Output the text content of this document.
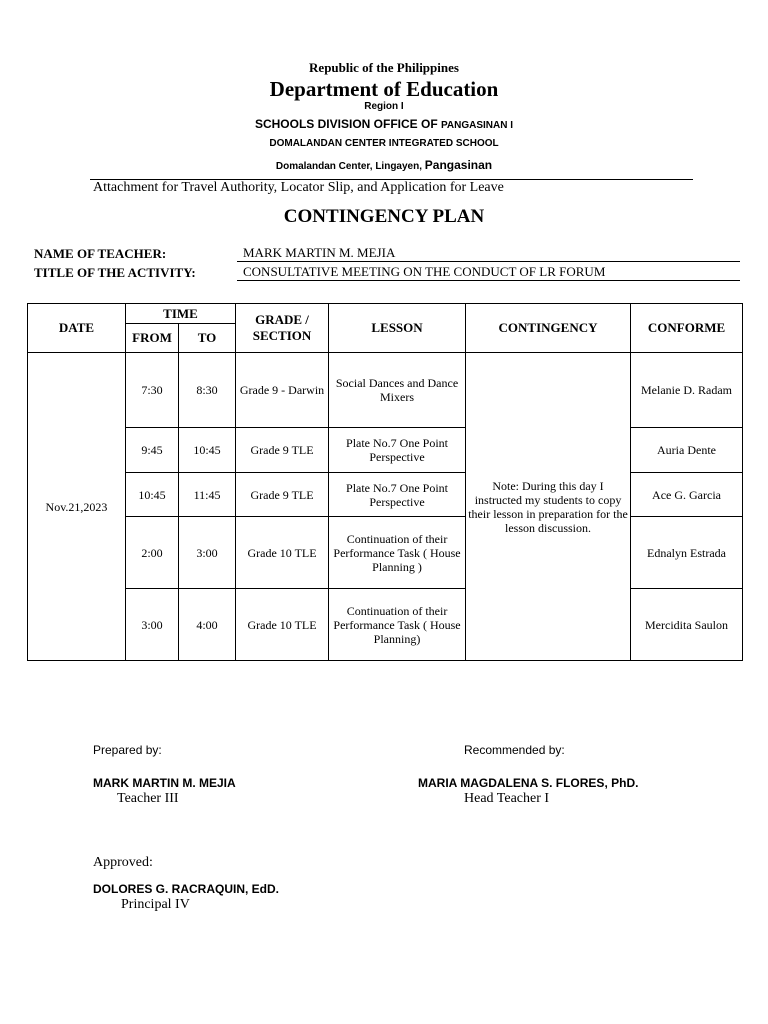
Republic of the Philippines
Department of Education
Region I
SCHOOLS DIVISION OFFICE OF PANGASINAN I
DOMALANDAN CENTER INTEGRATED SCHOOL
Domalandan Center, Lingayen, Pangasinan
Attachment for Travel Authority, Locator Slip, and Application for Leave
CONTINGENCY PLAN
NAME OF TEACHER:	MARK MARTIN M. MEJIA
TITLE OF THE ACTIVITY:	CONSULTATIVE MEETING ON THE CONDUCT OF LR FORUM
DATE	TIME		GRADE / SECTION	LESSON	CONTINGENCY	CONFORME
	FROM	TO				
Nov.21,2023	7:30	8:30	Grade 9 - Darwin	Social Dances and Dance Mixers	Note: During this day I instructed my students to copy their lesson in preparation for the lesson discussion.	Melanie D. Radam
	9:45	10:45	Grade 9 TLE	Plate No.7 One Point Perspective		Auria Dente
	10:45	11:45	Grade 9 TLE	Plate No.7 One Point Perspective		Ace G. Garcia
	2:00	3:00	Grade 10 TLE	Continuation of their Performance Task ( House Planning )		Ednalyn Estrada
	3:00	4:00	Grade 10 TLE	Continuation of their Performance Task ( House Planning)		Mercidita Saulon
Prepared by:	Recommended by:
MARK MARTIN M. MEJIA
Teacher III
MARIA MAGDALENA S. FLORES, PhD.
Head Teacher I
Approved:
DOLORES G. RACRAQUIN, EdD.
Principal IV
